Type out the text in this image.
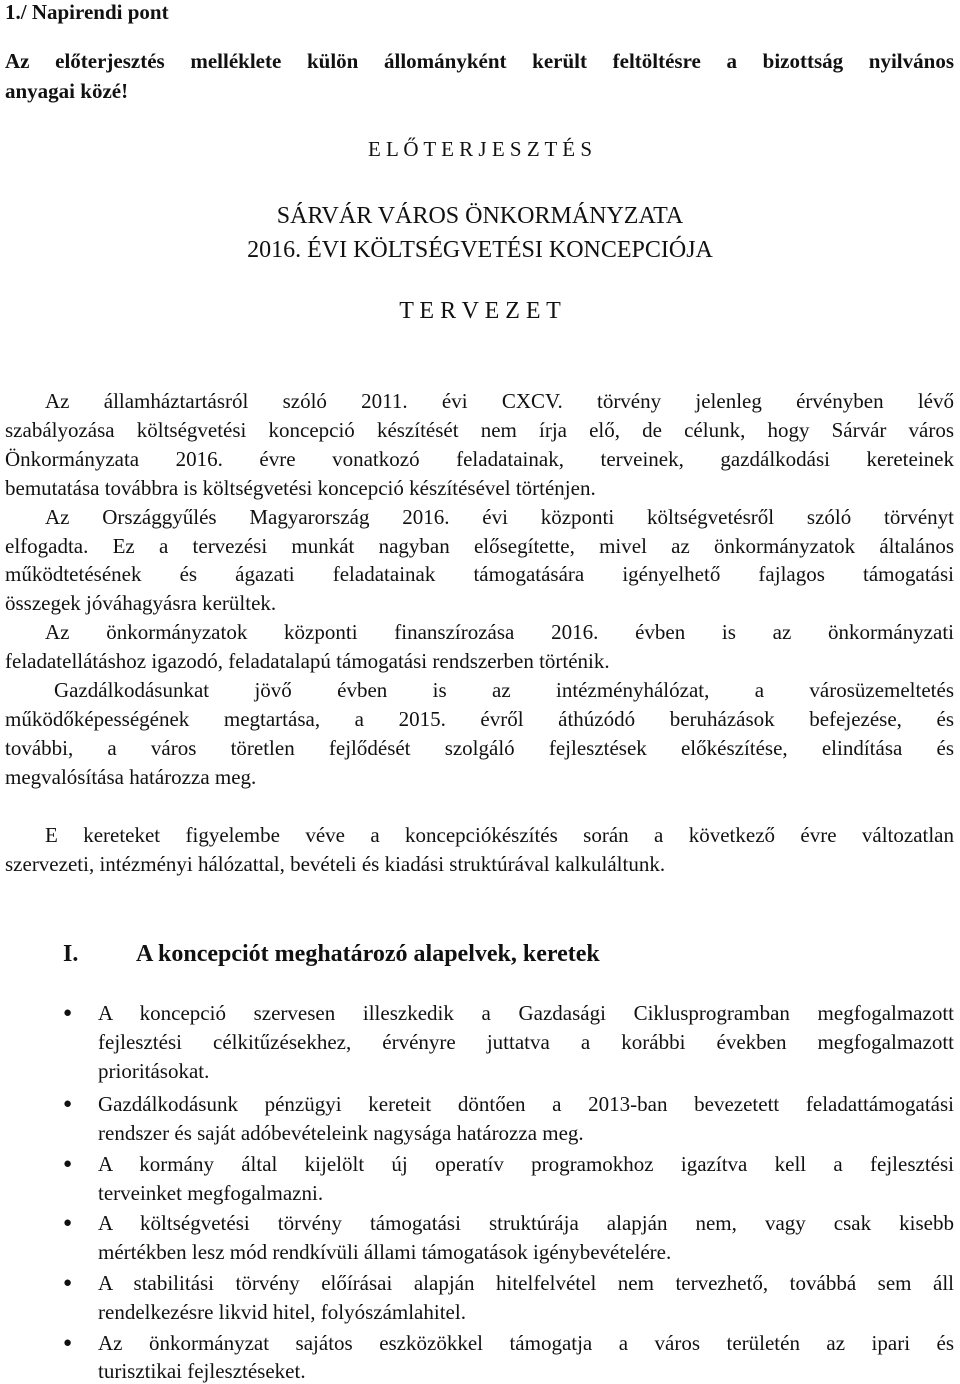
1./ Napirendi pont
Az előterjesztés melléklete külön állományként került feltöltésre a bizottság nyilvános
anyagai közé!
E L Ő T E R J E S Z T É S
SÁRVÁR VÁROS ÖNKORMÁNYZATA
2016. ÉVI KÖLTSÉGVETÉSI KONCEPCIÓJA
T E R V E Z E T
Az államháztartásról szóló 2011. évi CXCV. törvény jelenleg érvényben lévő
szabályozása költségvetési koncepció készítését nem írja elő, de célunk, hogy Sárvár város
Önkormányzata 2016. évre vonatkozó feladatainak, terveinek, gazdálkodási kereteinek
bemutatása továbbra is költségvetési koncepció készítésével történjen.
Az Országgyűlés Magyarország 2016. évi központi költségvetésről szóló törvényt
elfogadta. Ez a tervezési munkát nagyban elősegítette, mivel az önkormányzatok általános
működtetésének és ágazati feladatainak támogatására igényelhető fajlagos támogatási
összegek jóváhagyásra kerültek.
Az önkormányzatok központi finanszírozása 2016. évben is az önkormányzati
feladatellátáshoz igazodó, feladatalapú támogatási rendszerben történik.
Gazdálkodásunkat jövő évben is az intézményhálózat, a városüzemeltetés
működőképességének megtartása, a 2015. évről áthúzódó beruházások befejezése, és
további, a város töretlen fejlődését szolgáló fejlesztések előkészítése, elindítása és
megvalósítása határozza meg.
E kereteket figyelembe véve a koncepciókészítés során a következő évre változatlan
szervezeti, intézményi hálózattal, bevételi és kiadási struktúrával kalkuláltunk.
I.	A koncepciót meghatározó alapelvek, keretek
● A koncepció szervesen illeszkedik a Gazdasági Ciklusprogramban megfogalmazott
fejlesztési célkitűzésekhez, érvényre juttatva a korábbi években megfogalmazott
prioritásokat.
● Gazdálkodásunk pénzügyi kereteit döntően a 2013-ban bevezetett feladattámogatási
rendszer és saját adóbevételeink nagysága határozza meg.
● A kormány által kijelölt új operatív programokhoz igazítva kell a fejlesztési
terveinket megfogalmazni.
● A költségvetési törvény támogatási struktúrája alapján nem, vagy csak kisebb
mértékben lesz mód rendkívüli állami támogatások igénybevételére.
● A stabilitási törvény előírásai alapján hitelfelvétel nem tervezhető, továbbá sem áll
rendelkezésre likvid hitel, folyószámlahitel.
● Az önkormányzat sajátos eszközökkel támogatja a város területén az ipari és
turisztikai fejlesztéseket.
